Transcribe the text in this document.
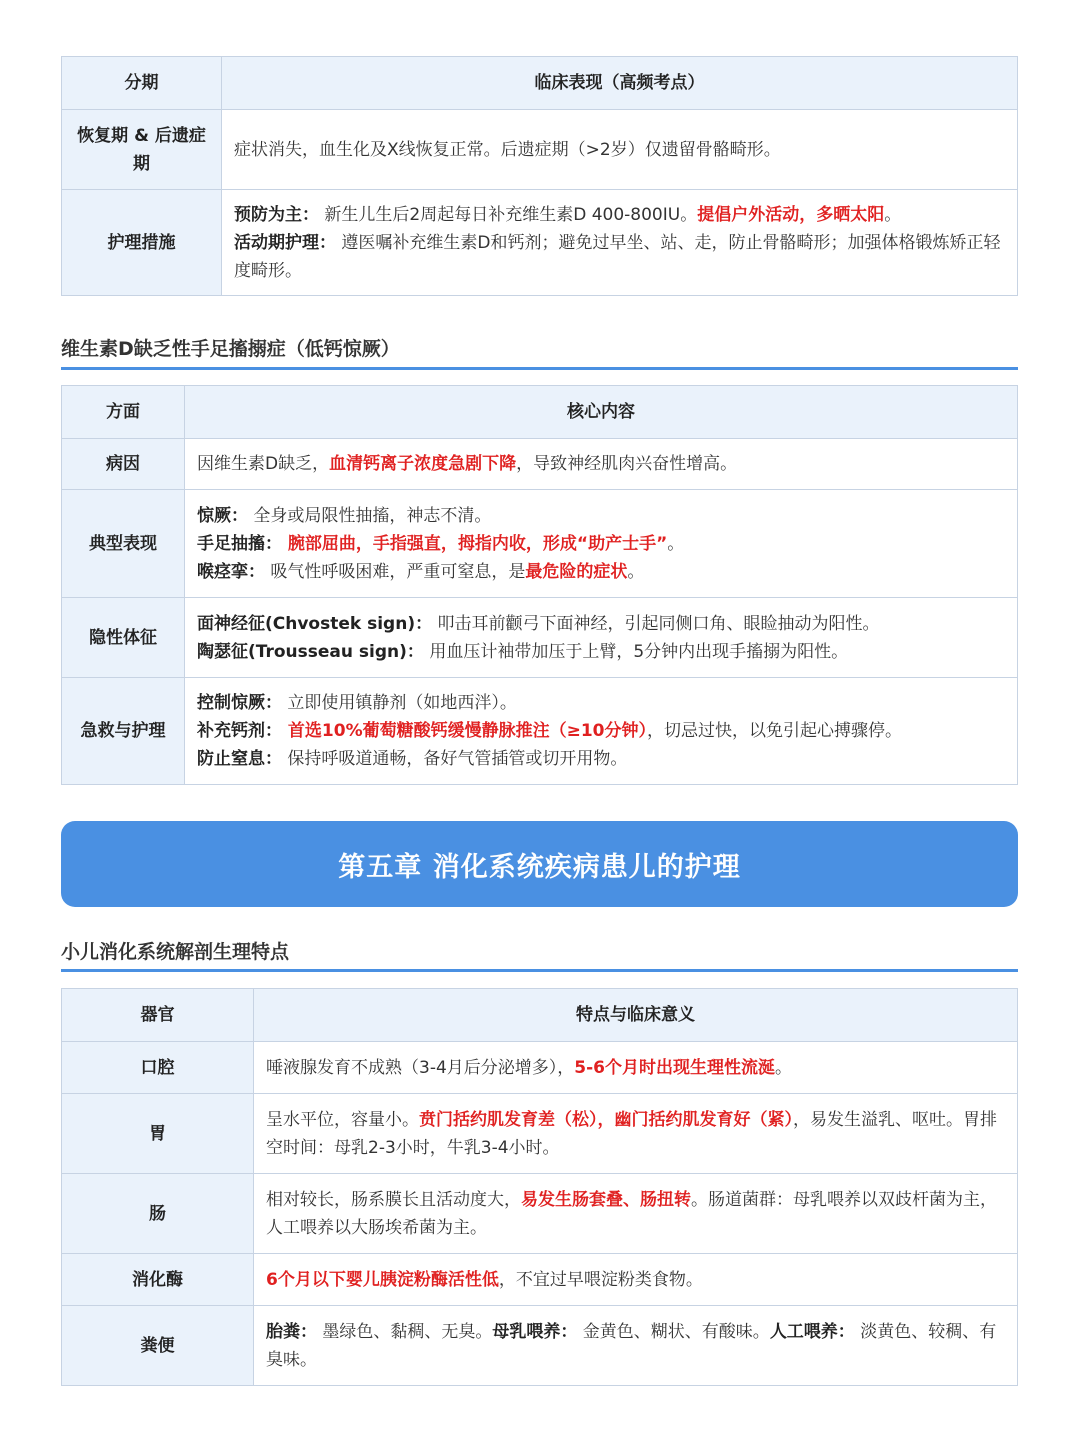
分期	临床表现（高频考点）
恢复期 & 后遗症期	症状消失，血生化及X线恢复正常。后遗症期（>2岁）仅遗留骨骼畸形。

护理措施	预防为主： 新生儿生后2周起每日补充维生素D 400-800IU。提倡户外活动，多晒太阳。
活动期护理： 遵医嘱补充维生素D和钙剂；避免过早坐、站、走，防止骨骼畸形；加强体格锻炼矫正轻度畸形。
维生素D缺乏性手足搐搦症（低钙惊厥）
方面	核心内容
病因	因维生素D缺乏，血清钙离子浓度急剧下降，导致神经肌肉兴奋性增高。

典型表现	惊厥： 全身或局限性抽搐，神志不清。
手足抽搐： 腕部屈曲，手指强直，拇指内收，形成“助产士手”。
喉痉挛： 吸气性呼吸困难，严重可窒息，是最危险的症状。

隐性体征	面神经征(Chvostek sign)： 叩击耳前颧弓下面神经，引起同侧口角、眼睑抽动为阳性。
陶瑟征(Trousseau sign)： 用血压计袖带加压于上臂，5分钟内出现手搐搦为阳性。

急救与护理	控制惊厥： 立即使用镇静剂（如地西泮）。
补充钙剂： 首选10%葡萄糖酸钙缓慢静脉推注（≥10分钟），切忌过快，以免引起心搏骤停。
防止窒息： 保持呼吸道通畅，备好气管插管或切开用物。
第五章 消化系统疾病患儿的护理
小儿消化系统解剖生理特点
器官	特点与临床意义
口腔	唾液腺发育不成熟（3-4月后分泌增多），5-6个月时出现生理性流涎。

胃	呈水平位，容量小。贲门括约肌发育差（松），幽门括约肌发育好（紧），易发生溢乳、呕吐。胃排空时间：母乳2-3小时，牛乳3-4小时。

肠	相对较长，肠系膜长且活动度大，易发生肠套叠、肠扭转。肠道菌群：母乳喂养以双歧杆菌为主，人工喂养以大肠埃希菌为主。

消化酶	6个月以下婴儿胰淀粉酶活性低，不宜过早喂淀粉类食物。

粪便	胎粪： 墨绿色、黏稠、无臭。母乳喂养： 金黄色、糊状、有酸味。人工喂养： 淡黄色、较稠、有臭味。
